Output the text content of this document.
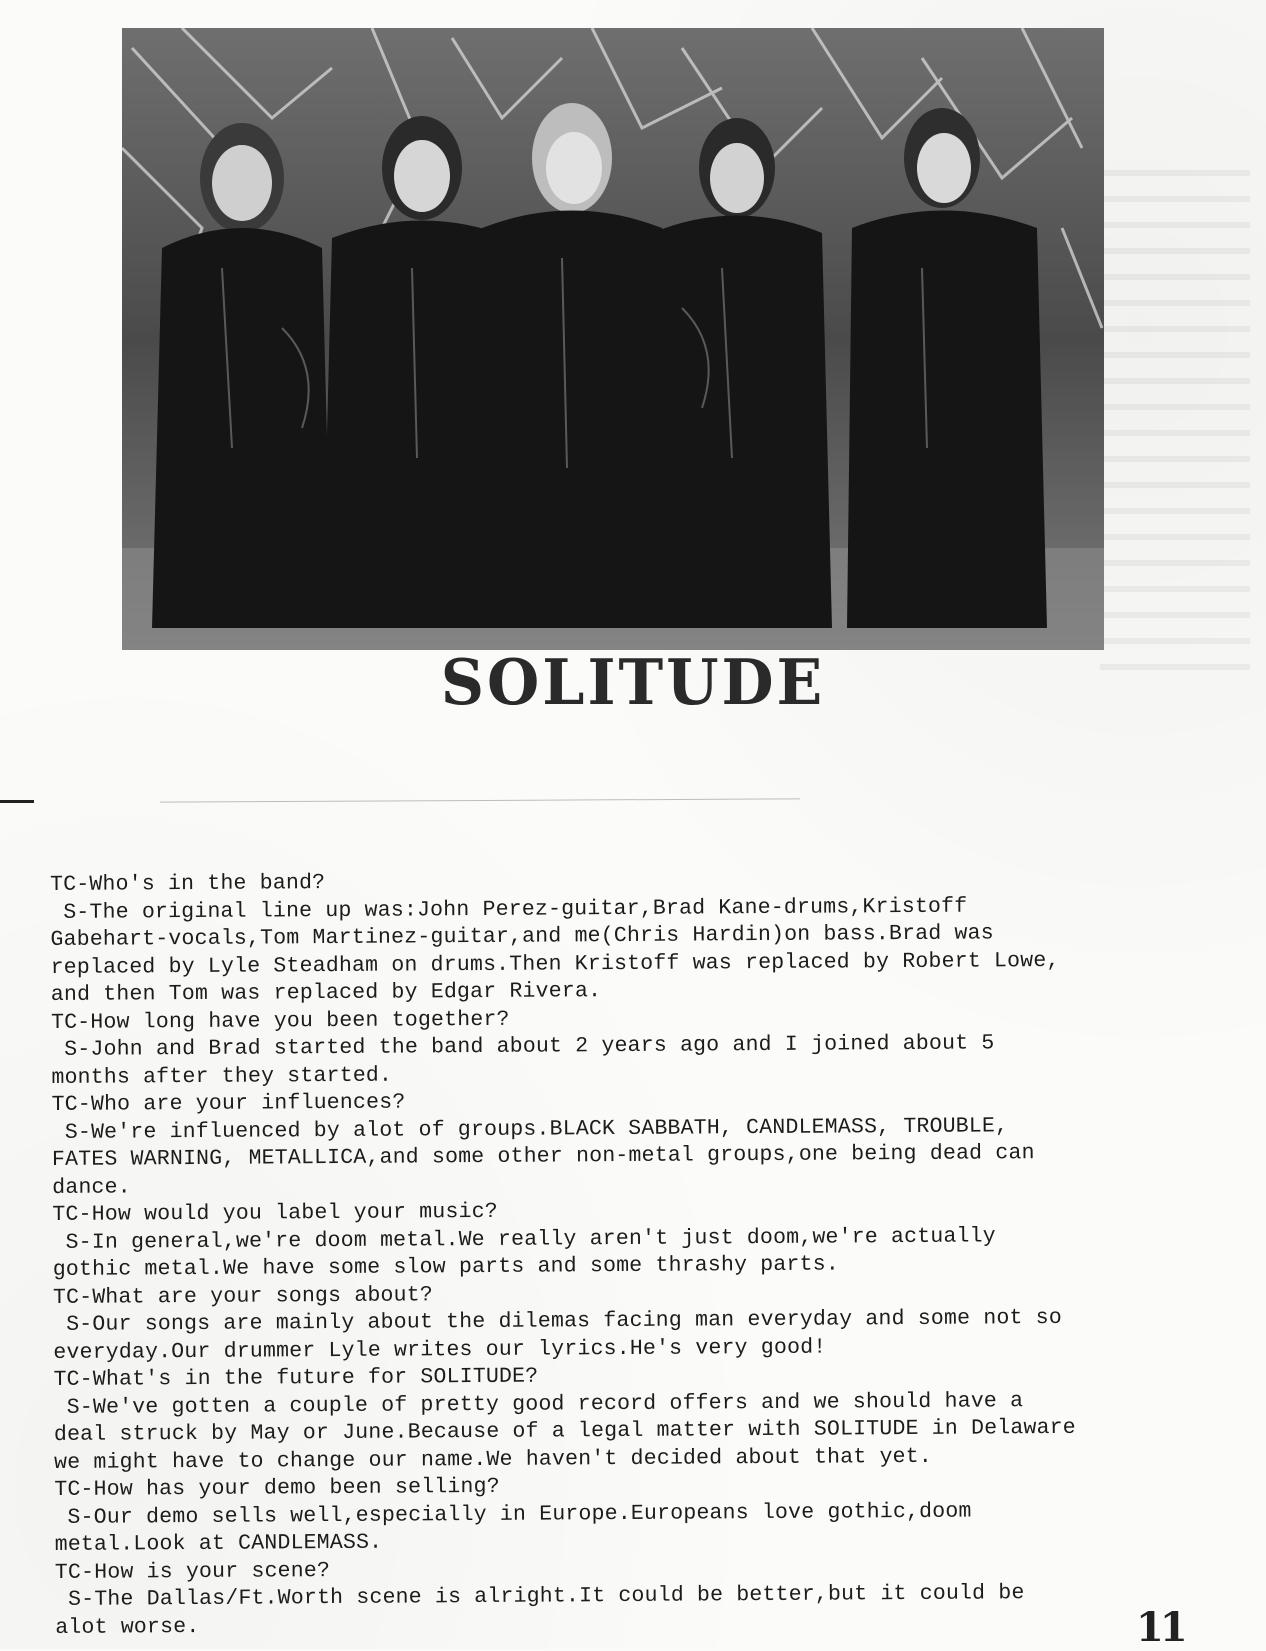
SOLITUDE
TC-Who's in the band?
S-The original line up was:John Perez-guitar,Brad Kane-drums,Kristoff
Gabehart-vocals,Tom Martinez-guitar,and me(Chris Hardin)on bass.Brad was
replaced by Lyle Steadham on drums.Then Kristoff was replaced by Robert Lowe,
and then Tom was replaced by Edgar Rivera.
TC-How long have you been together?
S-John and Brad started the band about 2 years ago and I joined about 5
months after they started.
TC-Who are your influences?
S-We're influenced by alot of groups.BLACK SABBATH, CANDLEMASS, TROUBLE,
FATES WARNING, METALLICA,and some other non-metal groups,one being dead can
dance.
TC-How would you label your music?
S-In general,we're doom metal.We really aren't just doom,we're actually
gothic metal.We have some slow parts and some thrashy parts.
TC-What are your songs about?
S-Our songs are mainly about the dilemas facing man everyday and some not so
everyday.Our drummer Lyle writes our lyrics.He's very good!
TC-What's in the future for SOLITUDE?
S-We've gotten a couple of pretty good record offers and we should have a
deal struck by May or June.Because of a legal matter with SOLITUDE in Delaware
we might have to change our name.We haven't decided about that yet.
TC-How has your demo been selling?
S-Our demo sells well,especially in Europe.Europeans love gothic,doom
metal.Look at CANDLEMASS.
TC-How is your scene?
S-The Dallas/Ft.Worth scene is alright.It could be better,but it could be
alot worse.	11
